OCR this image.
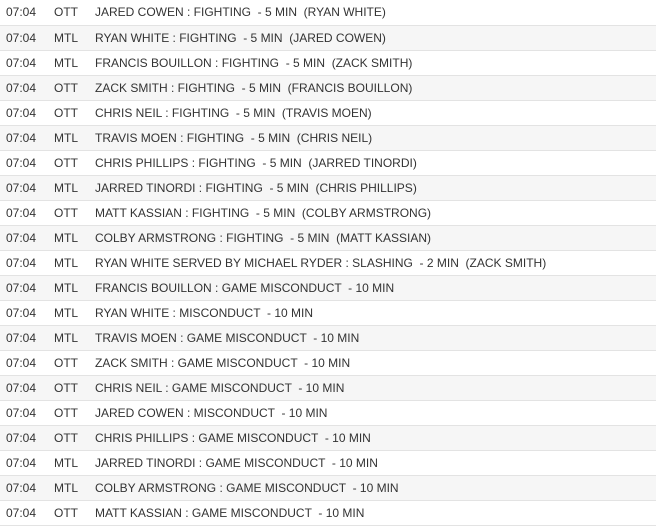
07:04	OTT	JARED COWEN : FIGHTING  - 5 MIN  (RYAN WHITE)
07:04	MTL	RYAN WHITE : FIGHTING  - 5 MIN  (JARED COWEN)
07:04	MTL	FRANCIS BOUILLON : FIGHTING  - 5 MIN  (ZACK SMITH)
07:04	OTT	ZACK SMITH : FIGHTING  - 5 MIN  (FRANCIS BOUILLON)
07:04	OTT	CHRIS NEIL : FIGHTING  - 5 MIN  (TRAVIS MOEN)
07:04	MTL	TRAVIS MOEN : FIGHTING  - 5 MIN  (CHRIS NEIL)
07:04	OTT	CHRIS PHILLIPS : FIGHTING  - 5 MIN  (JARRED TINORDI)
07:04	MTL	JARRED TINORDI : FIGHTING  - 5 MIN  (CHRIS PHILLIPS)
07:04	OTT	MATT KASSIAN : FIGHTING  - 5 MIN  (COLBY ARMSTRONG)
07:04	MTL	COLBY ARMSTRONG : FIGHTING  - 5 MIN  (MATT KASSIAN)
07:04	MTL	RYAN WHITE SERVED BY MICHAEL RYDER : SLASHING  - 2 MIN  (ZACK SMITH)
07:04	MTL	FRANCIS BOUILLON : GAME MISCONDUCT  - 10 MIN
07:04	MTL	RYAN WHITE : MISCONDUCT  - 10 MIN
07:04	MTL	TRAVIS MOEN : GAME MISCONDUCT  - 10 MIN
07:04	OTT	ZACK SMITH : GAME MISCONDUCT  - 10 MIN
07:04	OTT	CHRIS NEIL : GAME MISCONDUCT  - 10 MIN
07:04	OTT	JARED COWEN : MISCONDUCT  - 10 MIN
07:04	OTT	CHRIS PHILLIPS : GAME MISCONDUCT  - 10 MIN
07:04	MTL	JARRED TINORDI : GAME MISCONDUCT  - 10 MIN
07:04	MTL	COLBY ARMSTRONG : GAME MISCONDUCT  - 10 MIN
07:04	OTT	MATT KASSIAN : GAME MISCONDUCT  - 10 MIN
